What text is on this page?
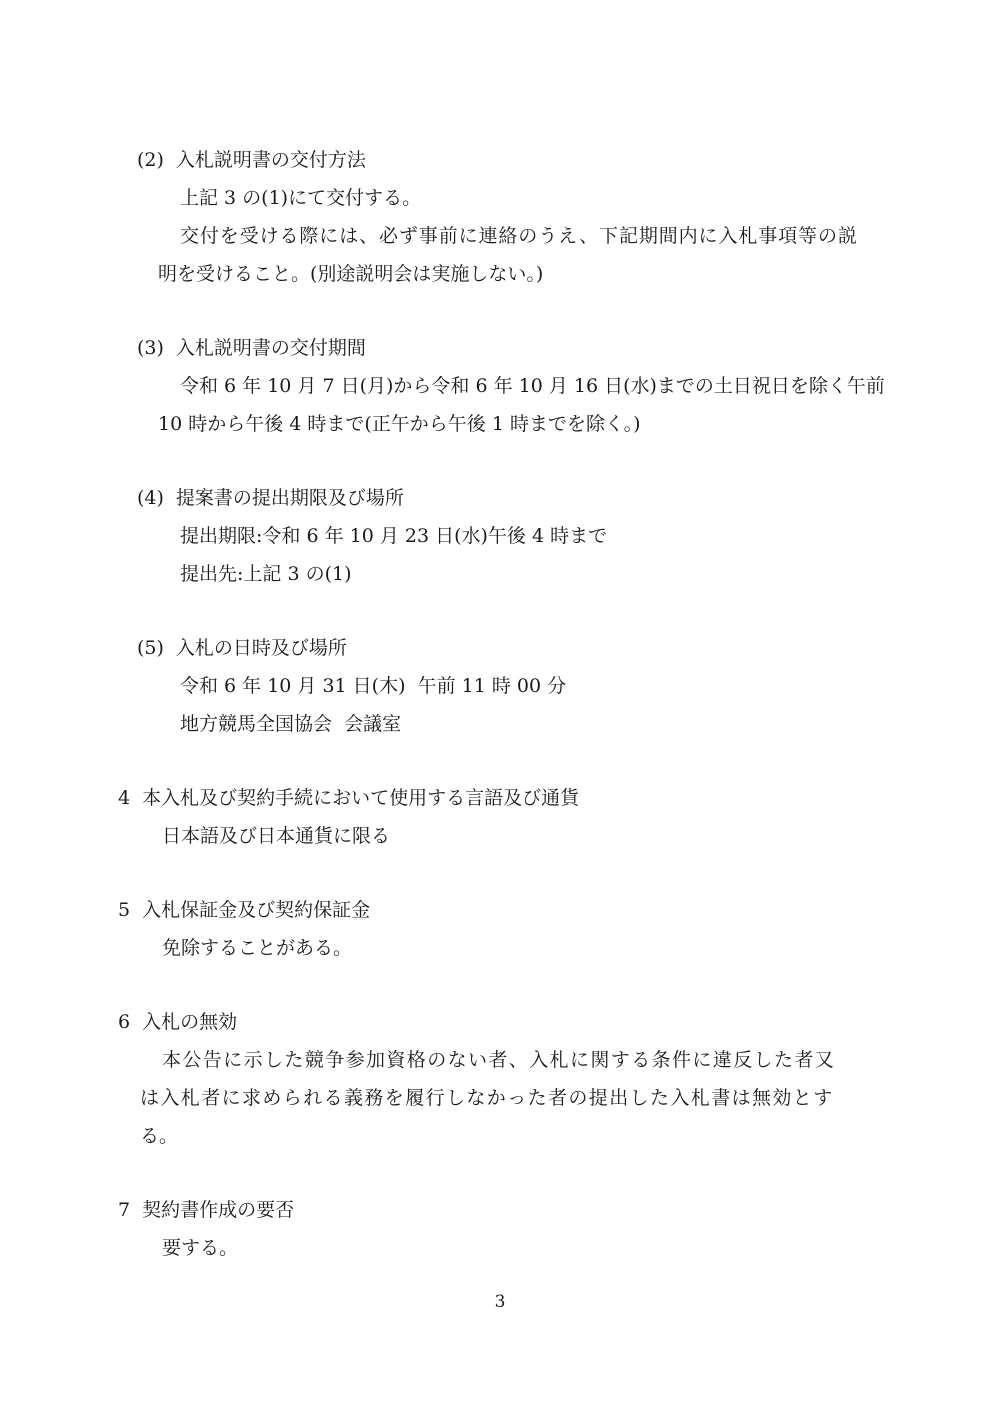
(2) 入札説明書の交付方法
上記 3 の(1)にて交付する。
交付を受ける際には、必ず事前に連絡のうえ、下記期間内に入札事項等の説
明を受けること。(別途説明会は実施しない。)
(3) 入札説明書の交付期間
令和 6 年 10 月 7 日(月)から令和 6 年 10 月 16 日(水)までの土日祝日を除く午前
10 時から午後 4 時まで(正午から午後 1 時までを除く。)
(4) 提案書の提出期限及び場所
提出期限:令和 6 年 10 月 23 日(水)午後 4 時まで
提出先:上記 3 の(1)
(5) 入札の日時及び場所
令和 6 年 10 月 31 日(木)  午前 11 時 00 分
地方競馬全国協会  会議室
4 本入札及び契約手続において使用する言語及び通貨
日本語及び日本通貨に限る
5 入札保証金及び契約保証金
免除することがある。
6 入札の無効
本公告に示した競争参加資格のない者、入札に関する条件に違反した者又
は入札者に求められる義務を履行しなかった者の提出した入札書は無効とす
る。
7 契約書作成の要否
要する。
3
